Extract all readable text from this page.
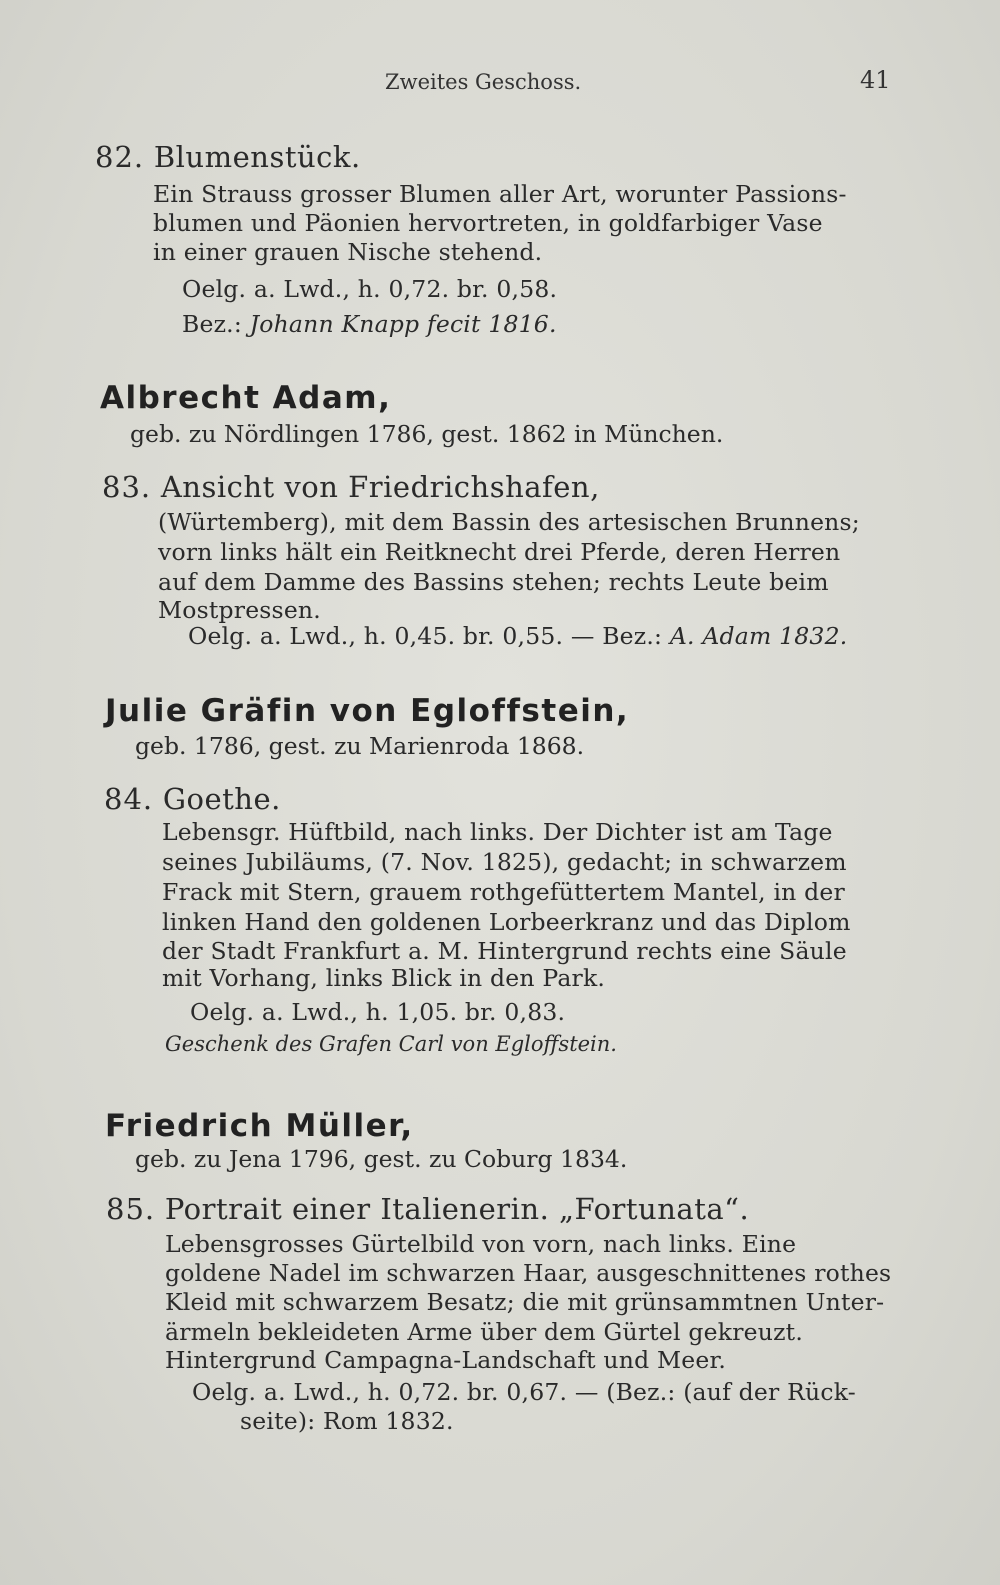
Zweites Geschoss.	41
82. Blumenstück.
Ein Strauss grosser Blumen aller Art, worunter Passions-
blumen und Päonien hervortreten, in goldfarbiger Vase
in einer grauen Nische stehend.
Oelg. a. Lwd., h. 0,72. br. 0,58.
Bez.: Johann Knapp fecit 1816.
Albrecht Adam,
geb. zu Nördlingen 1786, gest. 1862 in München.
83. Ansicht von Friedrichshafen,
(Würtemberg), mit dem Bassin des artesischen Brunnens;
vorn links hält ein Reitknecht drei Pferde, deren Herren
auf dem Damme des Bassins stehen; rechts Leute beim
Mostpressen.
Oelg. a. Lwd., h. 0,45. br. 0,55. — Bez.: A. Adam 1832.
Julie Gräfin von Egloffstein,
geb. 1786, gest. zu Marienroda 1868.
84. Goethe.
Lebensgr. Hüftbild, nach links. Der Dichter ist am Tage
seines Jubiläums, (7. Nov. 1825), gedacht; in schwarzem
Frack mit Stern, grauem rothgefüttertem Mantel, in der
linken Hand den goldenen Lorbeerkranz und das Diplom
der Stadt Frankfurt a. M. Hintergrund rechts eine Säule
mit Vorhang, links Blick in den Park.
Oelg. a. Lwd., h. 1,05. br. 0,83.
Geschenk des Grafen Carl von Egloffstein.
Friedrich Müller,
geb. zu Jena 1796, gest. zu Coburg 1834.
85. Portrait einer Italienerin. „Fortunata“.
Lebensgrosses Gürtelbild von vorn, nach links. Eine
goldene Nadel im schwarzen Haar, ausgeschnittenes rothes
Kleid mit schwarzem Besatz; die mit grünsammtnen Unter-
ärmeln bekleideten Arme über dem Gürtel gekreuzt.
Hintergrund Campagna-Landschaft und Meer.
Oelg. a. Lwd., h. 0,72. br. 0,67. — (Bez.: (auf der Rück-
seite): Rom 1832.
